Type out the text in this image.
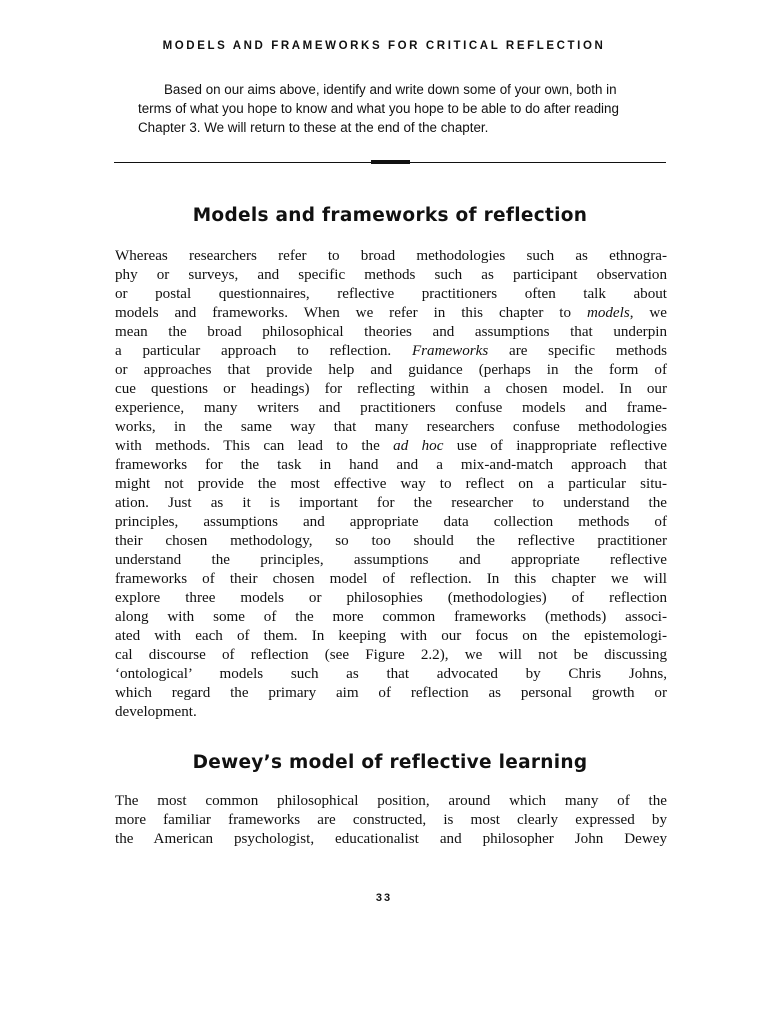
MODELS AND FRAMEWORKS FOR CRITICAL REFLECTION

Based on our aims above, identify and write down some of your own, both in terms of what you hope to know and what you hope to be able to do after reading Chapter 3. We will return to these at the end of the chapter.

Models and frameworks of reflection
Whereas researchers refer to broad methodologies such as ethnogra-
phy or surveys, and specific methods such as participant observation
or postal questionnaires, reflective practitioners often talk about
models and frameworks. When we refer in this chapter to models, we
mean the broad philosophical theories and assumptions that underpin
a particular approach to reflection. Frameworks are specific methods
or approaches that provide help and guidance (perhaps in the form of
cue questions or headings) for reflecting within a chosen model. In our
experience, many writers and practitioners confuse models and frame-
works, in the same way that many researchers confuse methodologies
with methods. This can lead to the ad hoc use of inappropriate reflective
frameworks for the task in hand and a mix-and-match approach that
might not provide the most effective way to reflect on a particular situ-
ation. Just as it is important for the researcher to understand the
principles, assumptions and appropriate data collection methods of
their chosen methodology, so too should the reflective practitioner
understand the principles, assumptions and appropriate reflective
frameworks of their chosen model of reflection. In this chapter we will
explore three models or philosophies (methodologies) of reflection
along with some of the more common frameworks (methods) associ-
ated with each of them. In keeping with our focus on the epistemologi-
cal discourse of reflection (see Figure 2.2), we will not be discussing
‘ontological’ models such as that advocated by Chris Johns,
which regard the primary aim of reflection as personal growth or
development.
Dewey’s model of reflective learning
The most common philosophical position, around which many of the
more familiar frameworks are constructed, is most clearly expressed by
the American psychologist, educationalist and philosopher John Dewey
33
